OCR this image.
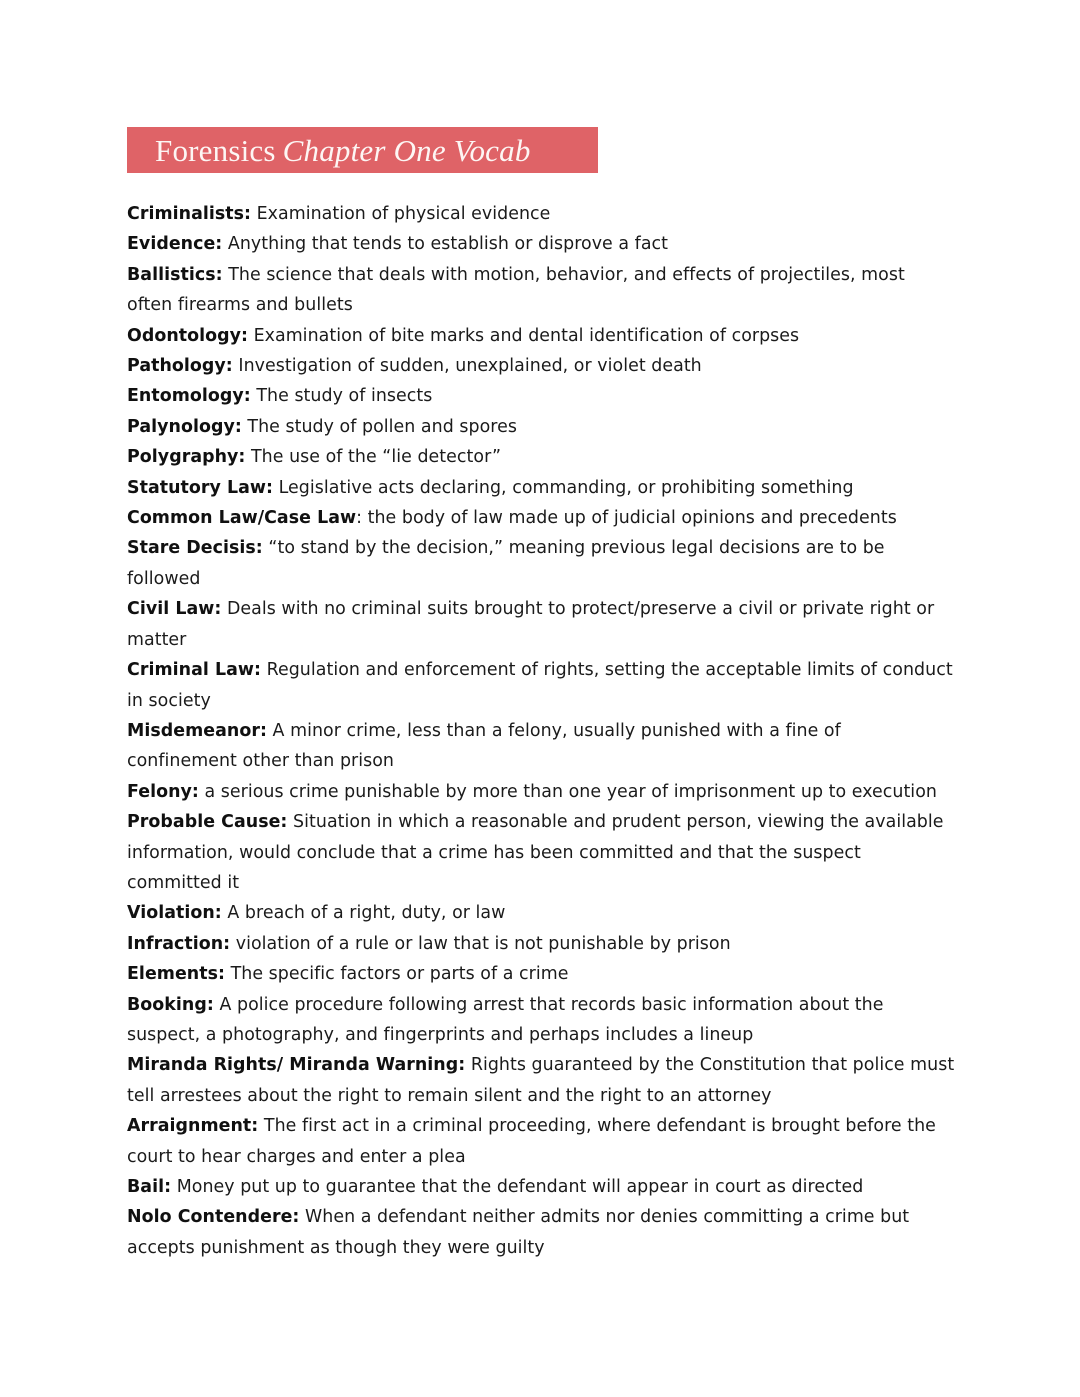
Forensics Chapter One Vocab

Criminalists: Examination of physical evidence

Evidence: Anything that tends to establish or disprove a fact

Ballistics: The science that deals with motion, behavior, and effects of projectiles, most often firearms and bullets

Odontology: Examination of bite marks and dental identification of corpses

Pathology: Investigation of sudden, unexplained, or violet death

Entomology: The study of insects

Palynology: The study of pollen and spores

Polygraphy: The use of the “lie detector”

Statutory Law: Legislative acts declaring, commanding, or prohibiting something

Common Law/Case Law: the body of law made up of judicial opinions and precedents

Stare Decisis: “to stand by the decision,” meaning previous legal decisions are to be followed

Civil Law: Deals with no criminal suits brought to protect/preserve a civil or private right or matter

Criminal Law: Regulation and enforcement of rights, setting the acceptable limits of conduct in society

Misdemeanor: A minor crime, less than a felony, usually punished with a fine of confinement other than prison

Felony: a serious crime punishable by more than one year of imprisonment up to execution

Probable Cause: Situation in which a reasonable and prudent person, viewing the available information, would conclude that a crime has been committed and that the suspect committed it

Violation: A breach of a right, duty, or law

Infraction: violation of a rule or law that is not punishable by prison

Elements: The specific factors or parts of a crime

Booking: A police procedure following arrest that records basic information about the suspect, a photography, and fingerprints and perhaps includes a lineup

Miranda Rights/ Miranda Warning: Rights guaranteed by the Constitution that police must tell arrestees about the right to remain silent and the right to an attorney

Arraignment: The first act in a criminal proceeding, where defendant is brought before the court to hear charges and enter a plea

Bail: Money put up to guarantee that the defendant will appear in court as directed

Nolo Contendere: When a defendant neither admits nor denies committing a crime but accepts punishment as though they were guilty
